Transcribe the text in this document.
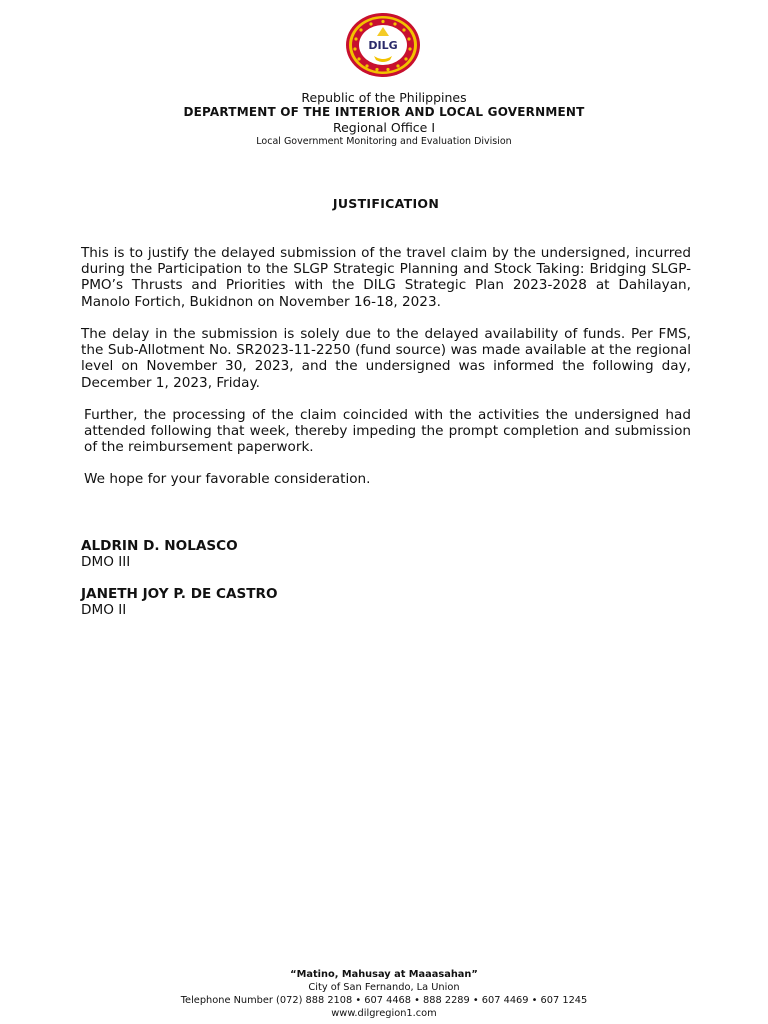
DILG
Republic of the Philippines
DEPARTMENT OF THE INTERIOR AND LOCAL GOVERNMENT
Regional Office I
Local Government Monitoring and Evaluation Division
JUSTIFICATION
This is to justify the delayed submission of the travel claim by the undersigned, incurred during the Participation to the SLGP Strategic Planning and Stock Taking: Bridging SLGP-PMO’s Thrusts and Priorities with the DILG Strategic Plan 2023-2028 at Dahilayan, Manolo Fortich, Bukidnon on November 16-18, 2023.
The delay in the submission is solely due to the delayed availability of funds. Per FMS, the Sub-Allotment No. SR2023-11-2250 (fund source) was made available at the regional level on November 30, 2023, and the undersigned was informed the following day, December 1, 2023, Friday.
Further, the processing of the claim coincided with the activities the undersigned had attended following that week, thereby impeding the prompt completion and submission of the reimbursement paperwork.
We hope for your favorable consideration.
ALDRIN D. NOLASCO
DMO III
JANETH JOY P. DE CASTRO
DMO II
“Matino, Mahusay at Maaasahan”
City of San Fernando, La Union
Telephone Number (072) 888 2108 • 607 4468 • 888 2289 • 607 4469 • 607 1245
www.dilgregion1.com
